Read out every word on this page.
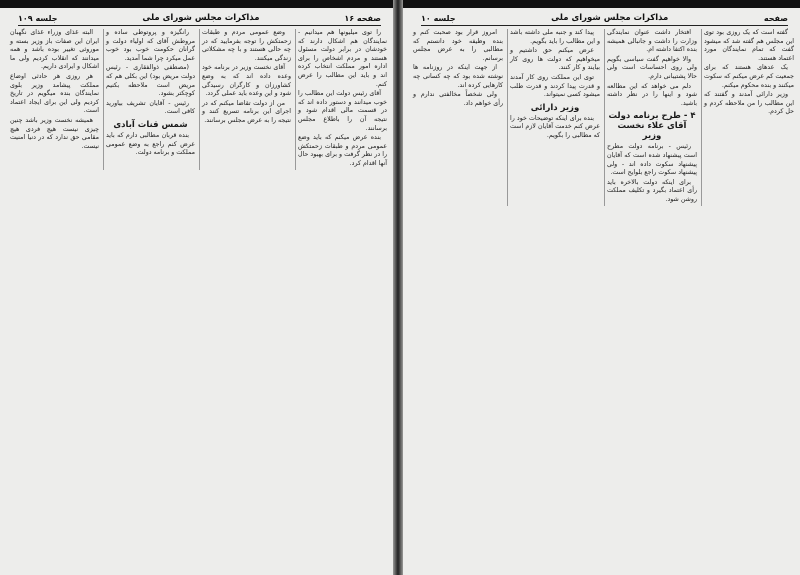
صفحه ۱۶
مذاکرات مجلس شورای ملی
جلسه ۱۰۹

را توی میلیونها هم میدانیم - نمایندگان هم اشکال دارند که خودشان در برابر دولت مسئول هستند و مردم اشخاص را برای اداره امور مملکت انتخاب کرده اند و باید این مطالب را عرض کنم.

آقای رئیس دولت این مطالب را خوب میدانند و دستور داده اند که در قسمت مالی اقدام شود و نتیجه آن را باطلاع مجلس برسانند.

بنده عرض میکنم که باید وضع عمومی مردم و طبقات زحمتکش را در نظر گرفت و برای بهبود حال آنها اقدام کرد.

وضع عمومی مردم و طبقات زحمتکش را توجه بفرمایید که در چه حالی هستند و با چه مشکلاتی زندگی میکنند.

آقای نخست وزیر در برنامه خود وعده داده اند که به وضع کشاورزان و کارگران رسیدگی شود و این وعده باید عملی گردد.

من از دولت تقاضا میکنم که در اجرای این برنامه تسریع کنند و نتیجه را به عرض مجلس برسانند.

رانگیزه و پروتوطی ساده و مروطش آقای که اولیاء دولت و گرانان حکومت خوب بود خوب عمل میکرد چرا شما آمدید.

(مصطفی ذوالفقاری - رئیس دولت مریض بود) این بکلی هم که مریض است ملاحظه بکنیم کوچکتر بشود.

رئیس - آقایان تشریف بیاورید کافی است.

شمس قنات آبادی

بنده قربان مطالبی دارم که باید عرض کنم راجع به وضع عمومی مملکت و برنامه دولت.

البته غذای وزراء غذای نگهبان ایران این صفات باز وزیر بسته و موروثی تغییر بوده باشد و همه میدانند که انقلاب کردیم ولی ما اشکال و ایرادی داریم.

هر روزی هر حادثی اوضاع مملکت پیشامد وزیر بلوی نمایندگان بنده میگویم در تاریخ کردیم ولی این برای ایجاد اعتماد است.

همیشه نخست وزیر باشد چنین چیزی نیست هیچ فردی هیچ مقامی حق ندارد که در دنیا امنیت نیست.

صفحه
مذاکرات مجلس شورای ملی
جلسه ۱۰

گفته است که یک روزی بود توی این مجلس هم گفته شد که میشود گفت که تمام نمایندگان مورد اعتماد هستند.

یک عدهای هستند که برای جمعیت کم عرض میکنم که سکوت میکنند و بنده محکوم میکنم.

وزیر دارائی آمدند و گفتند که این مطالب را من ملاحظه کردم و حل کردم.

افتخار داشت عنوان نمایندگی وزارت را داشت و جانبالی همیشه بنده اکتفا داشته ام.

والا خواهیم گفت سیاسی بگویم ولی روی احساسات است ولی حالا پشتیبانی دارم.

دلم می خواهد که این مطالعه شود و اینها را در نظر داشته باشید.

۴ - طرح برنامه دولت آقای علاء نخست وزیر

رئیس - برنامه دولت مطرح است پیشنهاد شده است که آقایان پیشنهاد سکوت داده اند - ولی پیشنهاد سکوت راجع بلوایح است.

برای اینکه دولت بالاخره باید رأی اعتماد بگیرد و تکلیف مملکت روشن شود.

پیدا کند و جنبه ملی داشته باشد و این مطالب را باید بگویم.

عرض میکنم حق داشتیم و میخواهیم که دولت ها روی کار بیایند و کار کنند.

توی این مملکت روی کار آمدند و قدرت پیدا کردند و قدرت طلب میشود کسی نمیتواند.

وزیر دارائی

بنده برای اینکه توضیحات خود را عرض کنم خدمت آقایان لازم است که مطالبی را بگویم.

امروز قرار بود صحبت کنم و بنده وظیفه خود دانستم که مطالبی را به عرض مجلس برسانم.

از جهت اینکه در روزنامه ها نوشته شده بود که چه کسانی چه کارهایی کرده اند.

ولی شخصاً مخالفتی ندارم و رأی خواهم داد.
